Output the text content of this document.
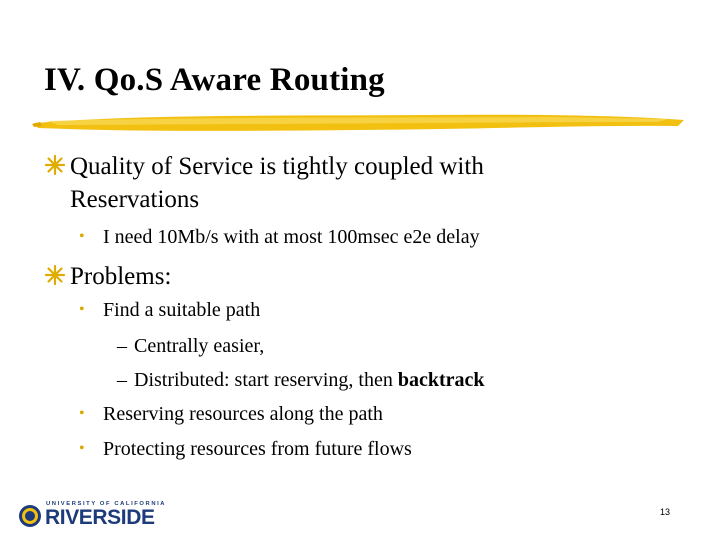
IV. Qo.S Aware Routing
Quality of Service is tightly coupled with
Reservations
• I need 10Mb/s with at most 100msec e2e delay
Problems:
• Find a suitable path
– Centrally easier,
– Distributed: start reserving, then backtrack
• Reserving resources along the path
• Protecting resources from future flows
UNIVERSITY OF CALIFORNIA
RIVERSIDE	13
